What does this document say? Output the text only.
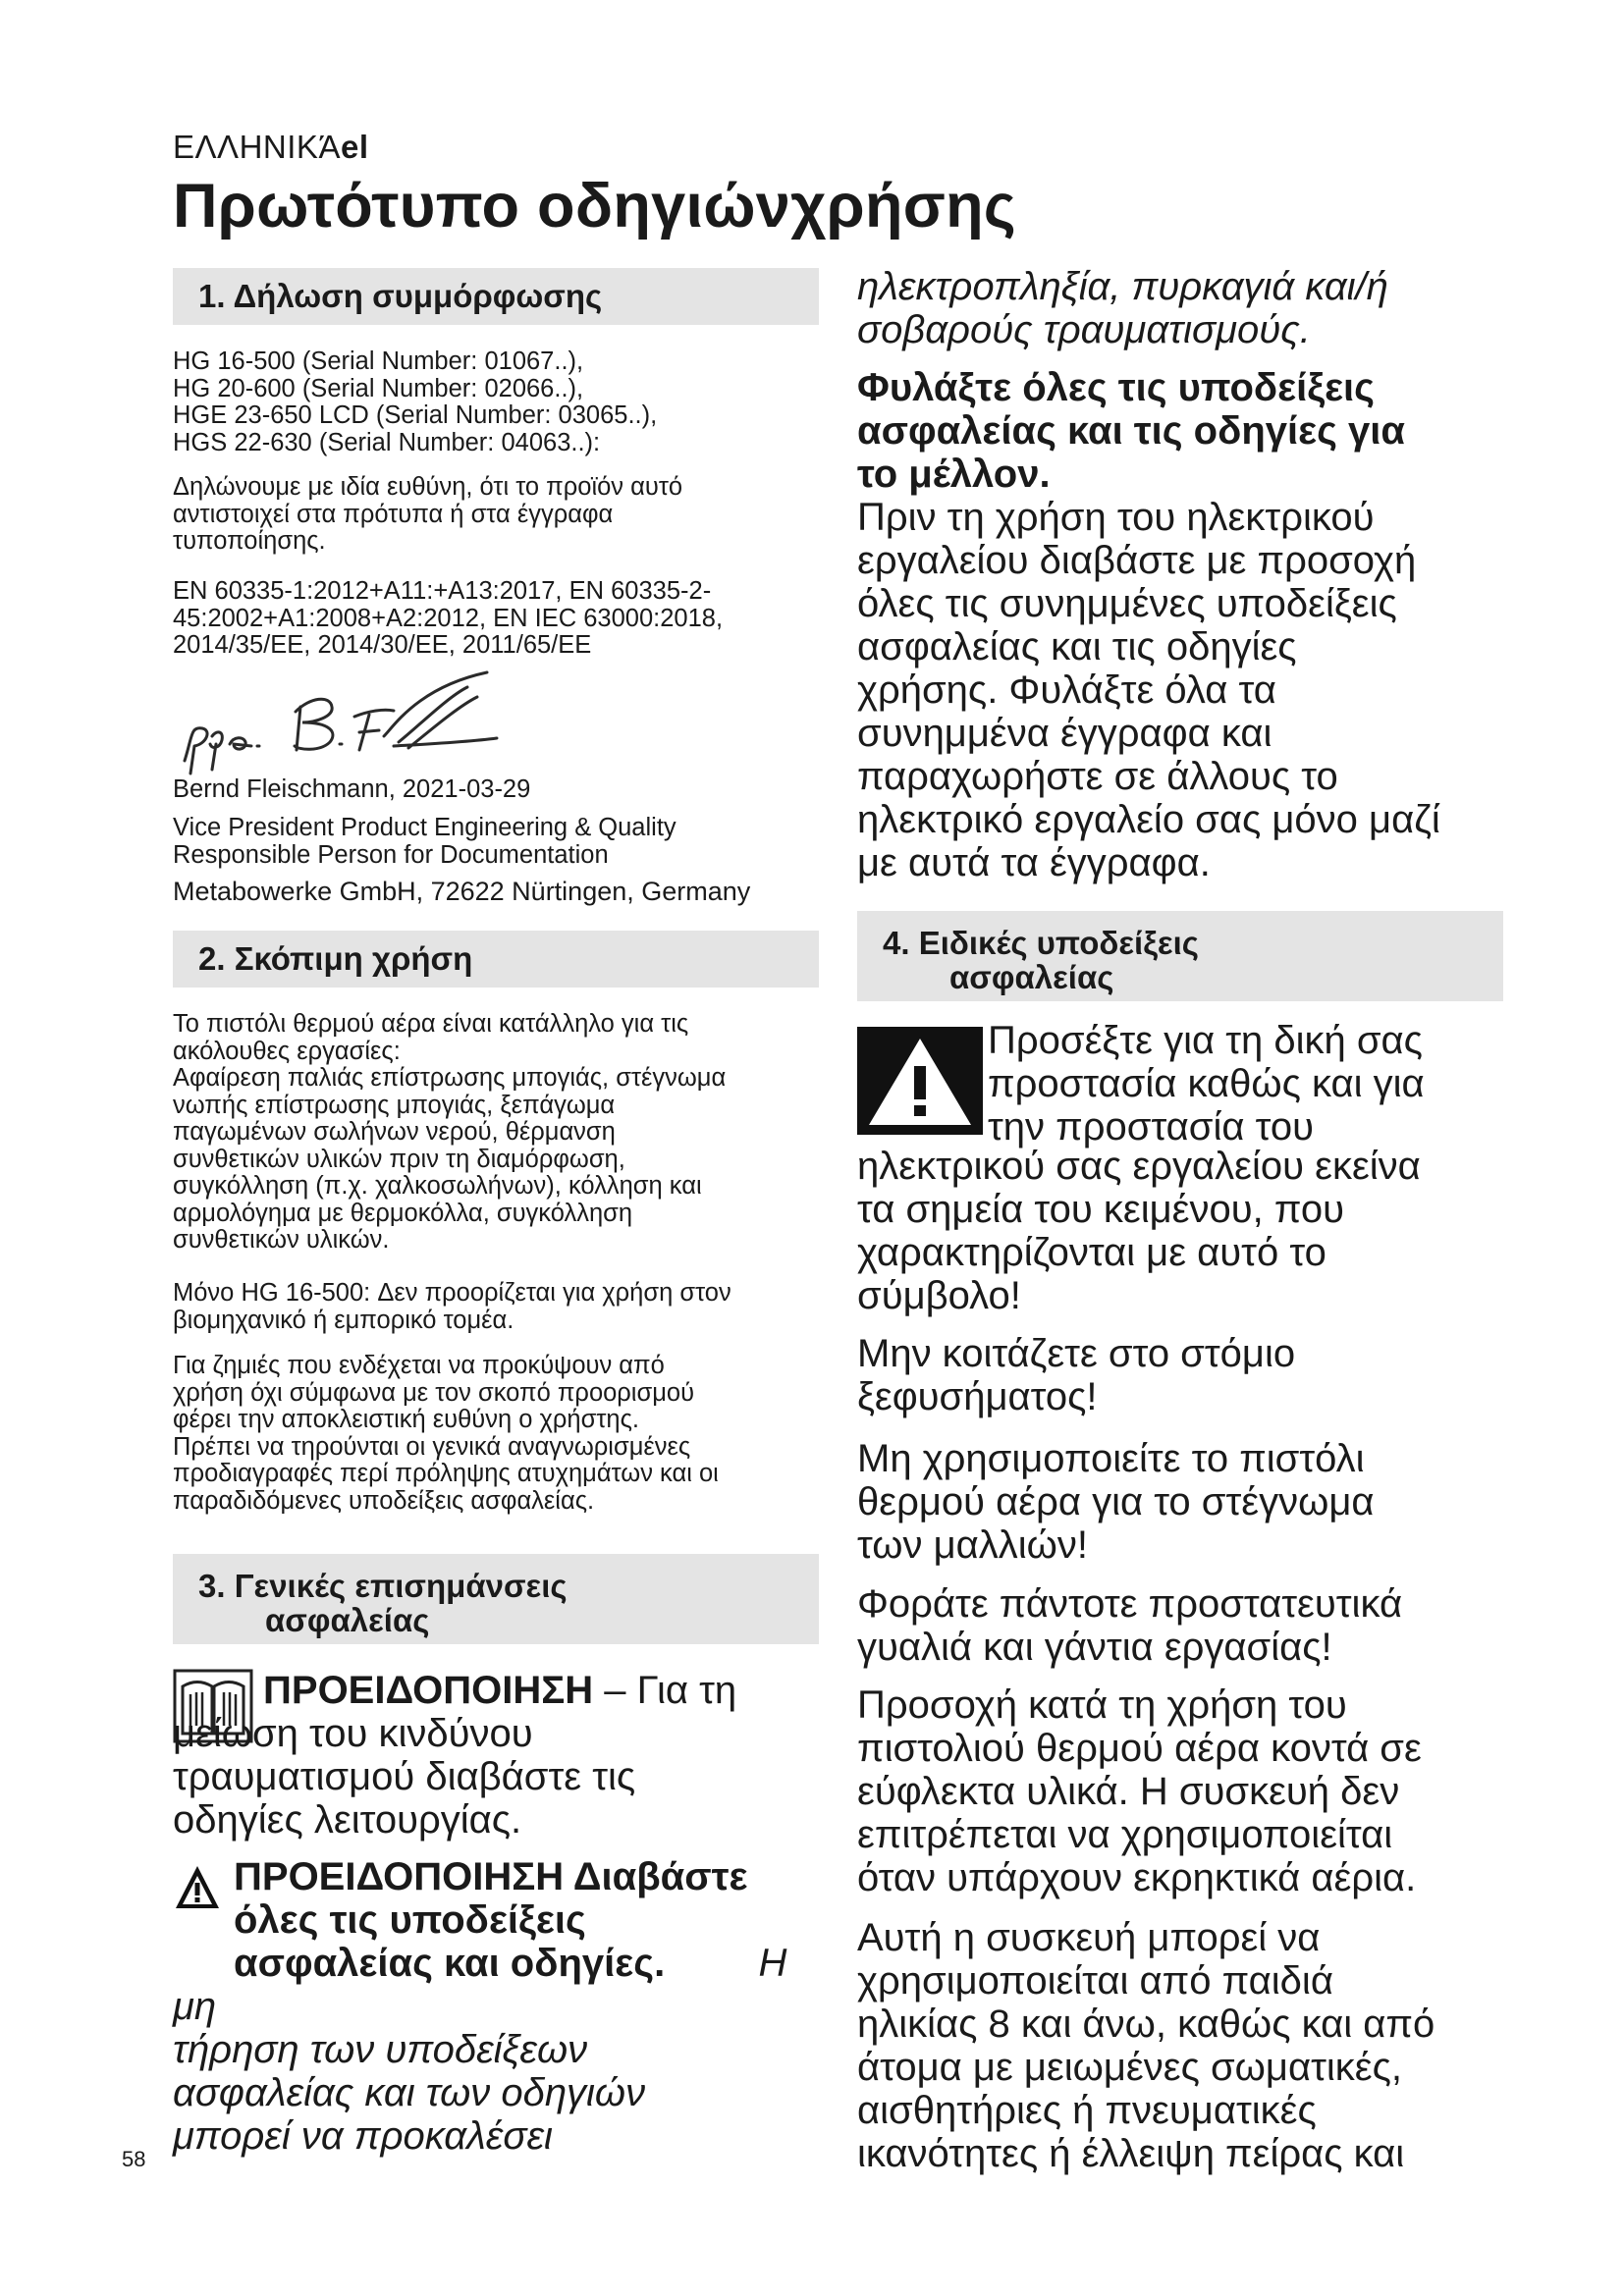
ΕΛΛΗΝΙΚΆel
Πρωτότυπο οδηγιώνχρήσης
1. Δήλωση συμμόρφωσης
HG 16-500 (Serial Number: 01067..),
HG 20-600 (Serial Number: 02066..),
HGE 23-650 LCD (Serial Number: 03065..),
HGS 22-630 (Serial Number: 04063..):
Δηλώνουμε με ιδία ευθύνη, ότι το προϊόν αυτό
αντιστοιχεί στα πρότυπα ή στα έγγραφα
τυποποίησης.
EN 60335-1:2012+A11:+A13:2017, EN 60335-2-
45:2002+A1:2008+A2:2012, EN IEC 63000:2018,
2014/35/EE, 2014/30/EE, 2011/65/EE
Bernd Fleischmann, 2021-03-29
Vice President Product Engineering & Quality
Responsible Person for Documentation
Metabowerke GmbH, 72622 Nürtingen, Germany
2. Σκόπιμη χρήση
Το πιστόλι θερμού αέρα είναι κατάλληλο για τις
ακόλουθες εργασίες:
Αφαίρεση παλιάς επίστρωσης μπογιάς, στέγνωμα
νωπής επίστρωσης μπογιάς, ξεπάγωμα
παγωμένων σωλήνων νερού, θέρμανση
συνθετικών υλικών πριν τη διαμόρφωση,
συγκόλληση (π.χ. χαλκοσωλήνων), κόλληση και
αρμολόγημα με θερμοκόλλα, συγκόλληση
συνθετικών υλικών.
Μόνο HG 16-500: Δεν προορίζεται για χρήση στον
βιομηχανικό ή εμπορικό τομέα.
Για ζημιές που ενδέχεται να προκύψουν από
χρήση όχι σύμφωνα με τον σκοπό προορισμού
φέρει την αποκλειστική ευθύνη ο χρήστης.
Πρέπει να τηρούνται οι γενικά αναγνωρισμένες
προδιαγραφές περί πρόληψης ατυχημάτων και οι
παραδιδόμενες υποδείξεις ασφαλείας.
3. Γενικές επισημάνσεις
ασφαλείας
ΠΡΟΕΙΔΟΠΟΙΗΣΗ – Για τη
μείωση του κινδύνου
τραυματισμού διαβάστε τις
οδηγίες λειτουργίας.
ΠΡΟΕΙΔΟΠΟΙΗΣΗ Διαβάστε
όλες τις υποδείξεις
ασφαλείας και οδηγίες. Η μη
τήρηση των υποδείξεων
ασφαλείας και των οδηγιών
μπορεί να προκαλέσει
58
ηλεκτροπληξία, πυρκαγιά και/ή
σοβαρούς τραυματισμούς.
Φυλάξτε όλες τις υποδείξεις
ασφαλείας και τις οδηγίες για
το μέλλον.
Πριν τη χρήση του ηλεκτρικού
εργαλείου διαβάστε με προσοχή
όλες τις συνημμένες υποδείξεις
ασφαλείας και τις οδηγίες
χρήσης. Φυλάξτε όλα τα
συνημμένα έγγραφα και
παραχωρήστε σε άλλους το
ηλεκτρικό εργαλείο σας μόνο μαζί
με αυτά τα έγγραφα.
4. Ειδικές υποδείξεις
ασφαλείας
Προσέξτε για τη δική σας
προστασία καθώς και για
την προστασία του
ηλεκτρικού σας εργαλείου εκείνα
τα σημεία του κειμένου, που
χαρακτηρίζονται με αυτό το
σύμβολο!
Μην κοιτάζετε στο στόμιο
ξεφυσήματος!
Μη χρησιμοποιείτε το πιστόλι
θερμού αέρα για το στέγνωμα
των μαλλιών!
Φοράτε πάντοτε προστατευτικά
γυαλιά και γάντια εργασίας!
Προσοχή κατά τη χρήση του
πιστολιού θερμού αέρα κοντά σε
εύφλεκτα υλικά. Η συσκευή δεν
επιτρέπεται να χρησιμοποιείται
όταν υπάρχουν εκρηκτικά αέρια.
Αυτή η συσκευή μπορεί να
χρησιμοποιείται από παιδιά
ηλικίας 8 και άνω, καθώς και από
άτομα με μειωμένες σωματικές,
αισθητήριες ή πνευματικές
ικανότητες ή έλλειψη πείρας και
